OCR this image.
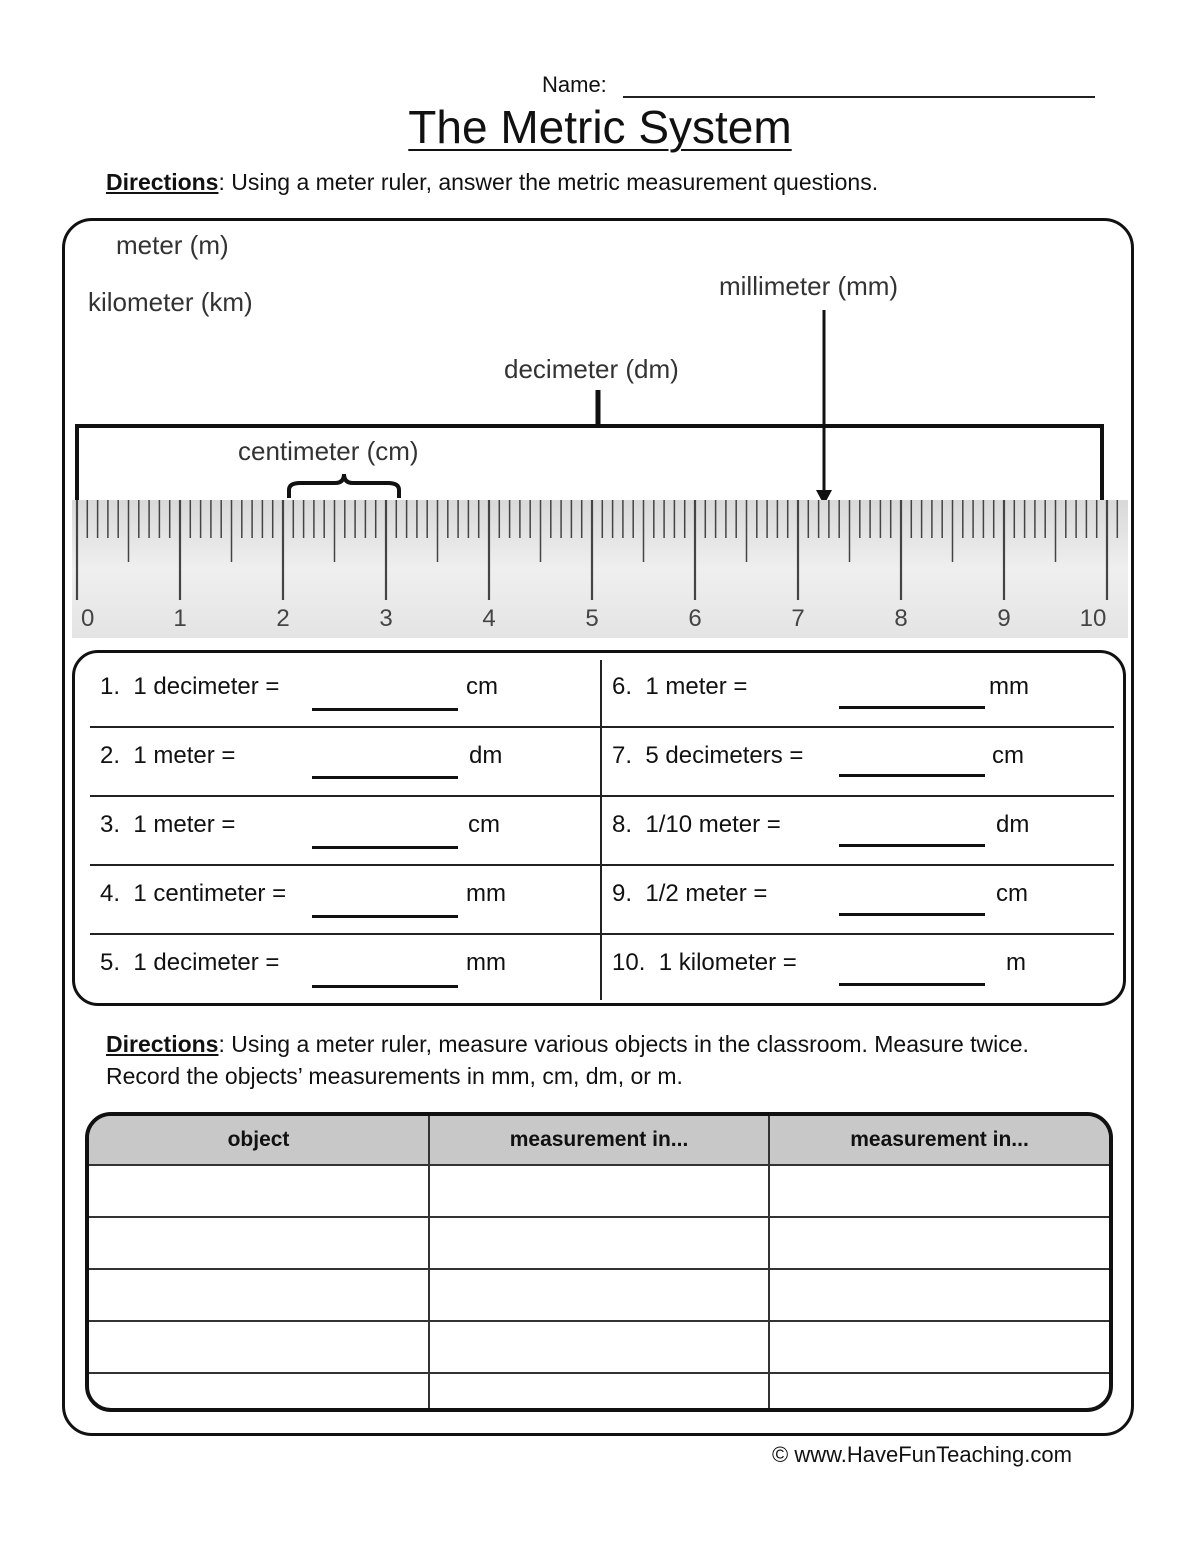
Name:
The Metric System
Directions: Using a meter ruler, answer the metric measurement questions.
meter (m)
kilometer (km)
millimeter (mm)
decimeter (dm)
centimeter (cm)
0	1	2	3	4	5	6	7	8	9	10
1. 1 decimeter =	cm
2. 1 meter =	dm
3. 1 meter =	cm
4. 1 centimeter =	mm
5. 1 decimeter =	mm
6. 1 meter =	mm
7. 5 decimeters =	cm
8. 1/10 meter =	dm
9. 1/2 meter =	cm
10. 1 kilometer =	m
Directions: Using a meter ruler, measure various objects in the classroom. Measure twice. Record the objects’ measurements in mm, cm, dm, or m.
object	measurement in...	measurement in...

© www.HaveFunTeaching.com
